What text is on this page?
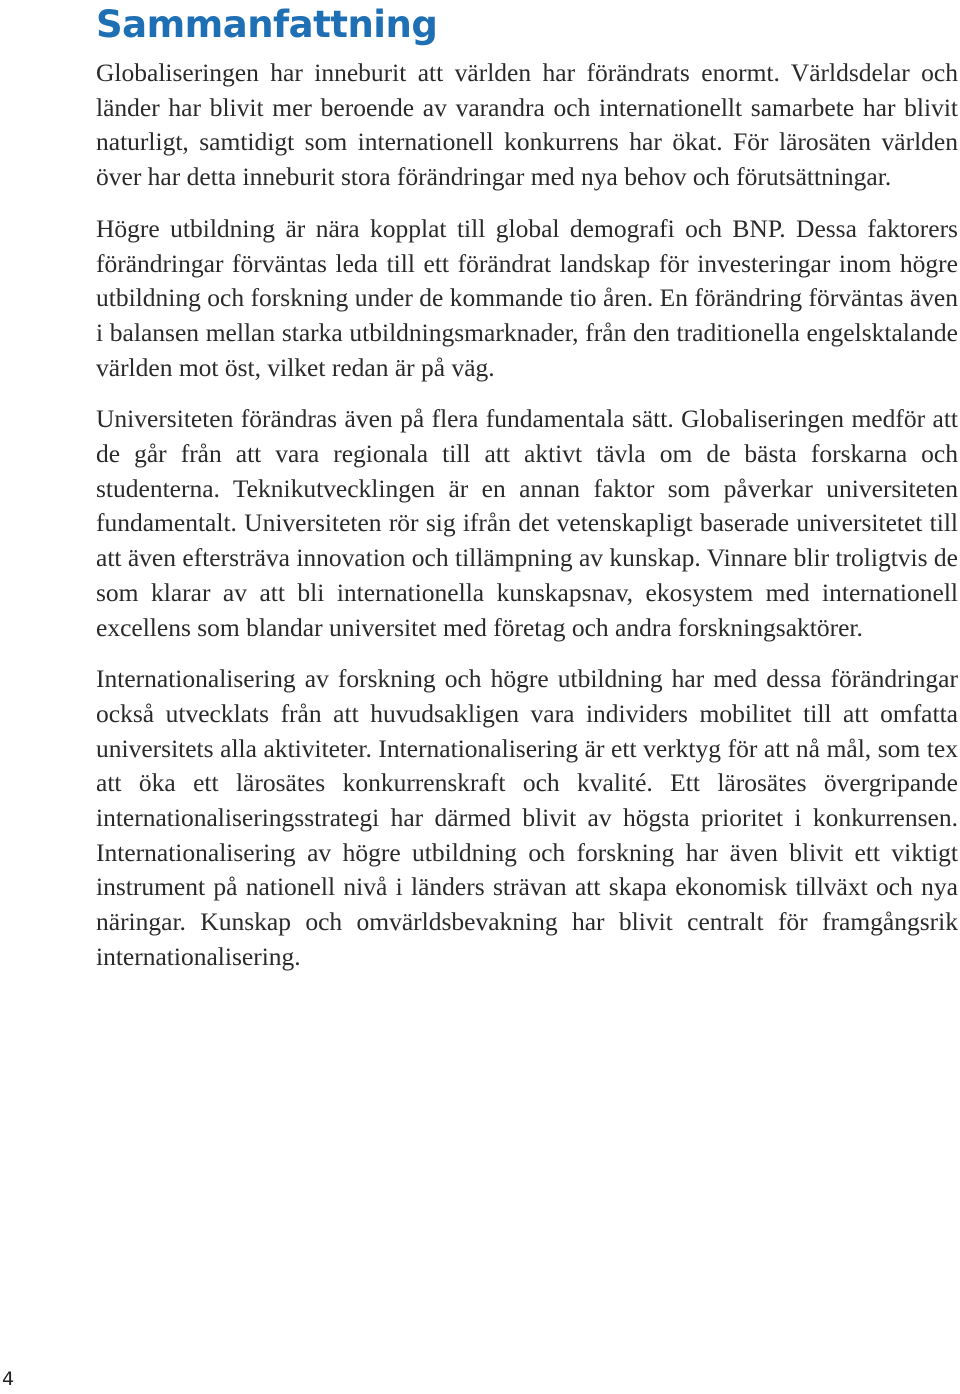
Sammanfattning

Globaliseringen har inneburit att världen har förändrats enormt. Världsdelar och länder har blivit mer beroende av varandra och internationellt samarbete har blivit naturligt, samtidigt som internationell konkurrens har ökat. För lärosäten världen över har detta inneburit stora förändringar med nya behov och förutsättningar.

Högre utbildning är nära kopplat till global demografi och BNP. Dessa faktorers förändringar förväntas leda till ett förändrat landskap för investeringar inom högre utbildning och forskning under de kommande tio åren. En förändring förväntas även i balansen mellan starka utbildningsmarknader, från den traditionella engelsktalande världen mot öst, vilket redan är på väg.

Universiteten förändras även på flera fundamentala sätt. Globaliseringen medför att de går från att vara regionala till att aktivt tävla om de bästa forskarna och studenterna. Teknikutvecklingen är en annan faktor som påverkar universiteten fundamentalt. Universiteten rör sig ifrån det vetenskapligt baserade universitetet till att även eftersträva innovation och tillämpning av kunskap. Vinnare blir troligtvis de som klarar av att bli internationella kunskapsnav, ekosystem med internationell excellens som blandar universitet med företag och andra forskningsaktörer.

Internationalisering av forskning och högre utbildning har med dessa förändringar också utvecklats från att huvudsakligen vara individers mobilitet till att omfatta universitets alla aktiviteter. Internationalisering är ett verktyg för att nå mål, som tex att öka ett lärosätes konkurrenskraft och kvalité. Ett lärosätes övergripande internationaliseringsstrategi har därmed blivit av högsta prioritet i konkurrensen. Internationalisering av högre utbildning och forskning har även blivit ett viktigt instrument på nationell nivå i länders strävan att skapa ekonomisk tillväxt och nya näringar. Kunskap och omvärldsbevakning har blivit centralt för framgångsrik internationalisering.

4
